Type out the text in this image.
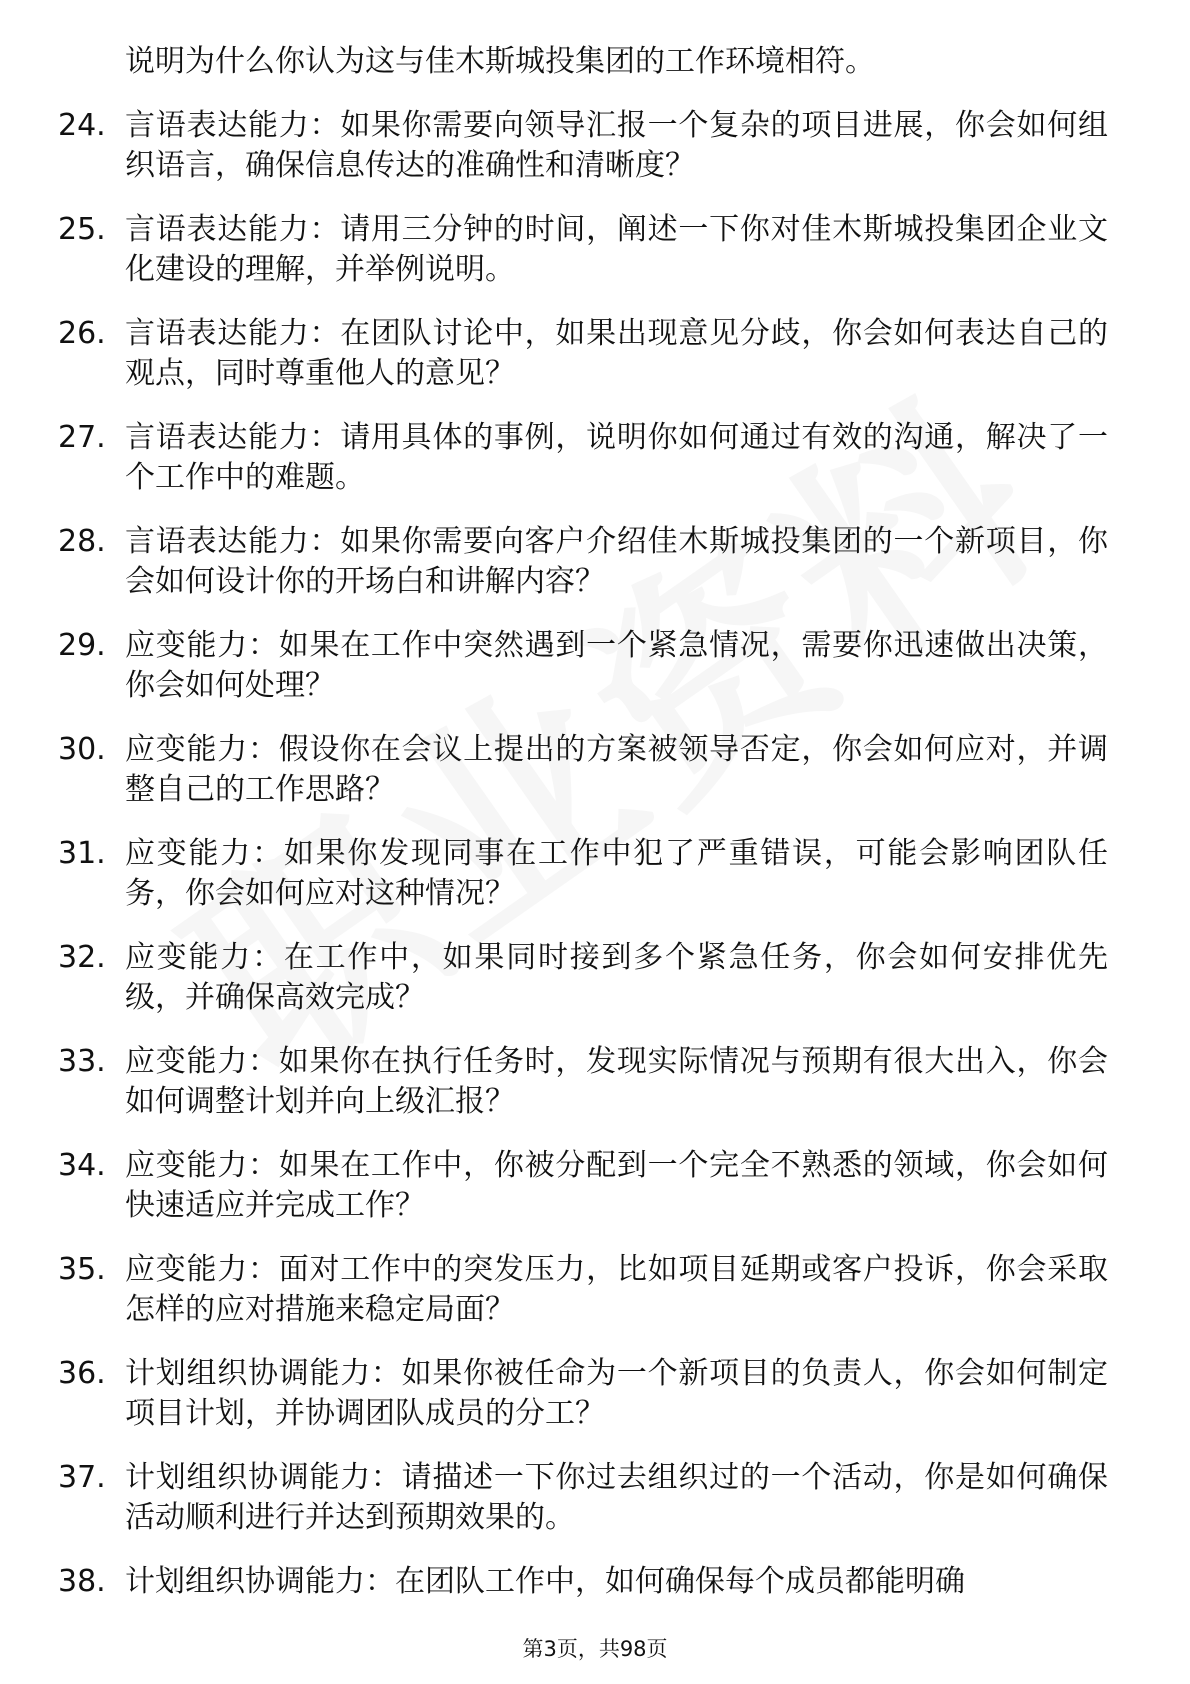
说明为什么你认为这与佳木斯城投集团的工作环境相符。
24. 言语表达能力：如果你需要向领导汇报一个复杂的项目进展，你会如何组织语言，确保信息传达的准确性和清晰度？
25. 言语表达能力：请用三分钟的时间，阐述一下你对佳木斯城投集团企业文化建设的理解，并举例说明。
26. 言语表达能力：在团队讨论中，如果出现意见分歧，你会如何表达自己的观点，同时尊重他人的意见？
27. 言语表达能力：请用具体的事例，说明你如何通过有效的沟通，解决了一个工作中的难题。
28. 言语表达能力：如果你需要向客户介绍佳木斯城投集团的一个新项目，你会如何设计你的开场白和讲解内容？
29. 应变能力：如果在工作中突然遇到一个紧急情况，需要你迅速做出决策，你会如何处理？
30. 应变能力：假设你在会议上提出的方案被领导否定，你会如何应对，并调整自己的工作思路？
31. 应变能力：如果你发现同事在工作中犯了严重错误，可能会影响团队任务，你会如何应对这种情况？
32. 应变能力：在工作中，如果同时接到多个紧急任务，你会如何安排优先级，并确保高效完成？
33. 应变能力：如果你在执行任务时，发现实际情况与预期有很大出入，你会如何调整计划并向上级汇报？
34. 应变能力：如果在工作中，你被分配到一个完全不熟悉的领域，你会如何快速适应并完成工作？
35. 应变能力：面对工作中的突发压力，比如项目延期或客户投诉，你会采取怎样的应对措施来稳定局面？
36. 计划组织协调能力：如果你被任命为一个新项目的负责人，你会如何制定项目计划，并协调团队成员的分工？
37. 计划组织协调能力：请描述一下你过去组织过的一个活动，你是如何确保活动顺利进行并达到预期效果的。
38. 计划组织协调能力：在团队工作中，如何确保每个成员都能明确
第3页，共98页
